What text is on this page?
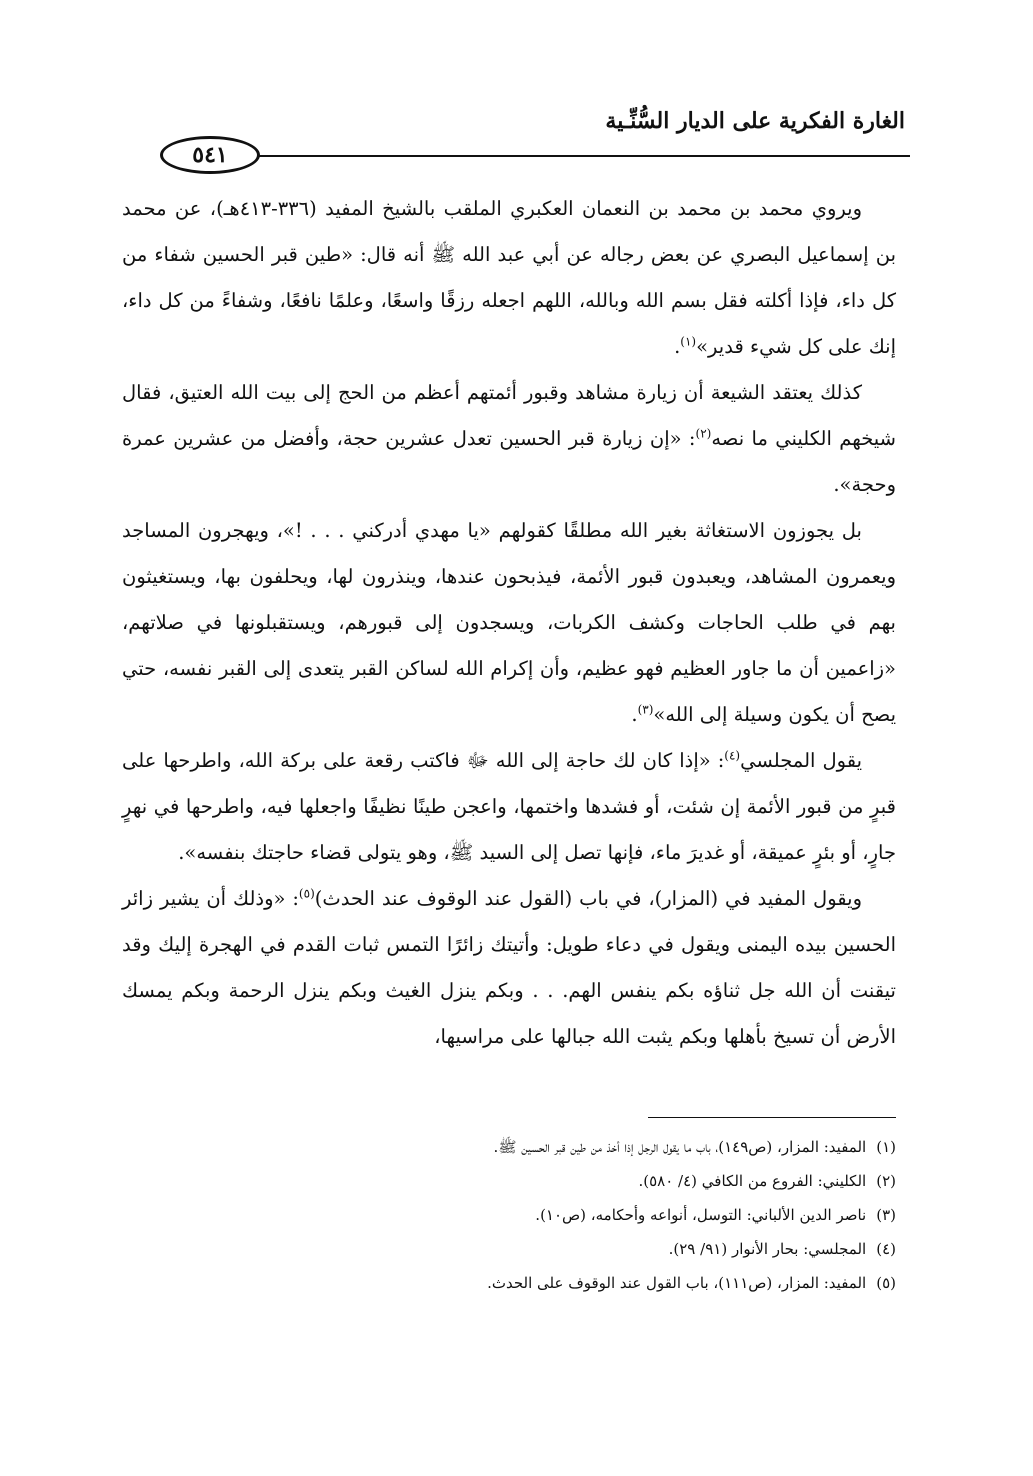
الغارة الفكرية على الديار السُّنِّـية
٥٤١

ويروي محمد بن محمد بن النعمان العكبري الملقب بالشيخ المفيد (٣٣٦-٤١٣هـ)، عن محمد بن إسماعيل البصري عن بعض رجاله عن أبي عبد الله ﷺ أنه قال: «طين قبر الحسين شفاء من كل داء، فإذا أكلته فقل بسم الله وبالله، اللهم اجعله رزقًا واسعًا، وعلمًا نافعًا، وشفاءً من كل داء، إنك على كل شيء قدير»$^{(١)}$.

كذلك يعتقد الشيعة أن زيارة مشاهد وقبور أئمتهم أعظم من الحج إلى بيت الله العتيق، فقال شيخهم الكليني ما نصه$^{(٢)}$: «إن زيارة قبر الحسين تعدل عشرين حجة، وأفضل من عشرين عمرة وحجة».

بل يجوزون الاستغاثة بغير الله مطلقًا كقولهم «يا مهدي أدركني . . . !»، ويهجرون المساجد ويعمرون المشاهد، ويعبدون قبور الأئمة، فيذبحون عندها، وينذرون لها، ويحلفون بها، ويستغيثون بهم في طلب الحاجات وكشف الكربات، ويسجدون إلى قبورهم، ويستقبلونها في صلاتهم، «زاعمين أن ما جاور العظيم فهو عظيم، وأن إكرام الله لساكن القبر يتعدى إلى القبر نفسه، حتي يصح أن يكون وسيلة إلى الله»$^{(٣)}$.

يقول المجلسي$^{(٤)}$: «إذا كان لك حاجة إلى الله ﷻ فاكتب رقعة على بركة الله، واطرحها على قبرٍ من قبور الأئمة إن شئت، أو فشدها واختمها، واعجن طينًا نظيفًا واجعلها فيه، واطرحها في نهرٍ جارٍ، أو بئرٍ عميقة، أو غديرَ ماء، فإنها تصل إلى السيد ﷺ، وهو يتولى قضاء حاجتك بنفسه».

ويقول المفيد في (المزار)، في باب (القول عند الوقوف عند الحدث)$^{(٥)}$: «وذلك أن يشير زائر الحسين بيده اليمنى ويقول في دعاء طويل: وأتيتك زائرًا التمس ثبات القدم في الهجرة إليك وقد تيقنت أن الله جل ثناؤه بكم ينفس الهم. . . وبكم ينزل الغيث وبكم ينزل الرحمة وبكم يمسك الأرض أن تسيخ بأهلها وبكم يثبت الله جبالها على مراسيها،

(١)المفيد: المزار، (ص١٤٩)، باب ما يقول الرجل إذا أخذ من طين قبر الحسين ﷺ.
(٢)الكليني: الفروع من الكافي (٤/ ٥٨٠).
(٣)ناصر الدين الألباني: التوسل، أنواعه وأحكامه، (ص١٠).
(٤)المجلسي: بحار الأنوار (٩١/ ٢٩).
(٥)المفيد: المزار، (ص١١١)، باب القول عند الوقوف على الحدث.
